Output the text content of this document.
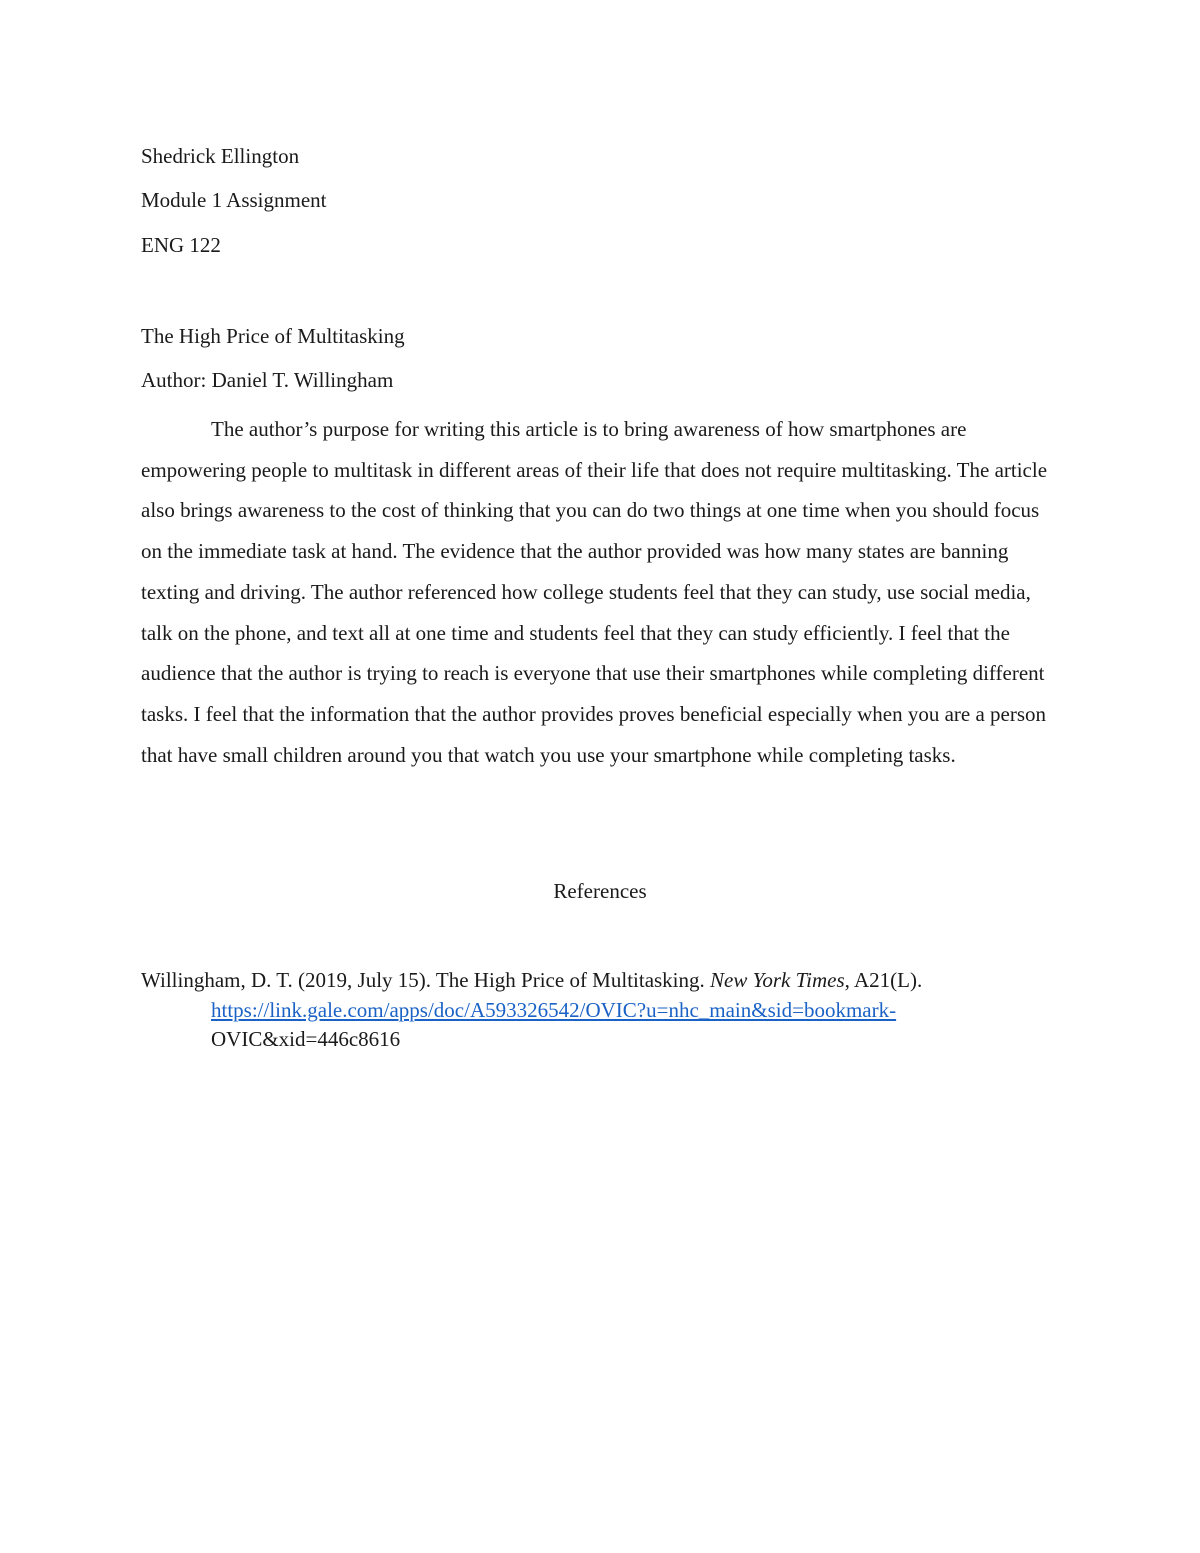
Shedrick Ellington
Module 1 Assignment
ENG 122
The High Price of Multitasking
Author: Daniel T. Willingham

The author’s purpose for writing this article is to bring awareness of how smartphones are empowering people to multitask in different areas of their life that does not require multitasking. The article also brings awareness to the cost of thinking that you can do two things at one time when you should focus on the immediate task at hand. The evidence that the author provided was how many states are banning texting and driving. The author referenced how college students feel that they can study, use social media, talk on the phone, and text all at one time and students feel that they can study efficiently. I feel that the audience that the author is trying to reach is everyone that use their smartphones while completing different tasks. I feel that the information that the author provides proves beneficial especially when you are a person that have small children around you that watch you use your smartphone while completing tasks.

References

Willingham, D. T. (2019, July 15). The High Price of Multitasking. New York Times, A21(L).
https://link.gale.com/apps/doc/A593326542/OVIC?u=nhc_main&sid=bookmark-
OVIC&xid=446c8616
